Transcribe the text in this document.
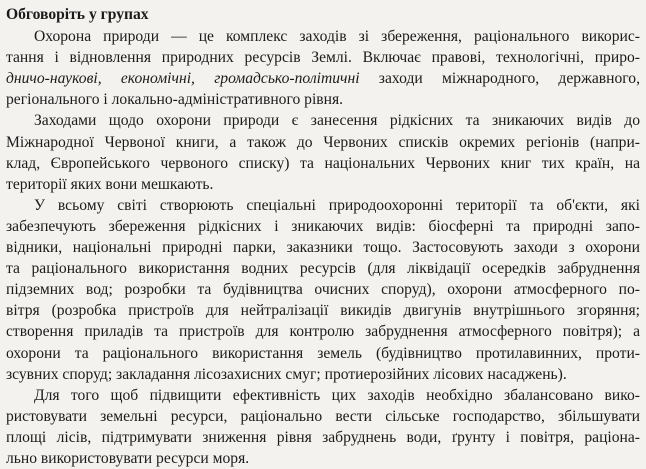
Обговоріть у групах
Охорона природи — це комплекс заходів зі збереження, раціонального викорис-
тання і відновлення природних ресурсів Землі. Включає правові, технологічні, приро-
дничо-наукові, економічні, громадсько-політичні заходи міжнародного, державного,
регіонального і локально-адміністративного рівня.
Заходами щодо охорони природи є занесення рідкісних та зникаючих видів до
Міжнародної Червоної книги, а також до Червоних списків окремих регіонів (напри-
клад, Європейського червоного списку) та національних Червоних книг тих країн, на
території яких вони мешкають.
У всьому світі створюють спеціальні природоохоронні території та об'єкти, які
забезпечують збереження рідкісних і зникаючих видів: біосферні та природні запо-
відники, національні природні парки, заказники тощо. Застосовують заходи з охорони
та раціонального використання водних ресурсів (для ліквідації осередків забруднення
підземних вод; розробки та будівництва очисних споруд), охорони атмосферного по-
вітря (розробка пристроїв для нейтралізації викидів двигунів внутрішнього згоряння;
створення приладів та пристроїв для контролю забруднення атмосферного повітря); а
охорони та раціонального використання земель (будівництво протилавинних, проти-
зсувних споруд; закладання лісозахисних смуг; протиерозійних лісових насаджень).
Для того щоб підвищити ефективність цих заходів необхідно збалансовано вико-
ристовувати земельні ресурси, раціонально вести сільське господарство, збільшувати
площі лісів, підтримувати зниження рівня забруднень води, ґрунту і повітря, раціона-
льно використовувати ресурси моря.
